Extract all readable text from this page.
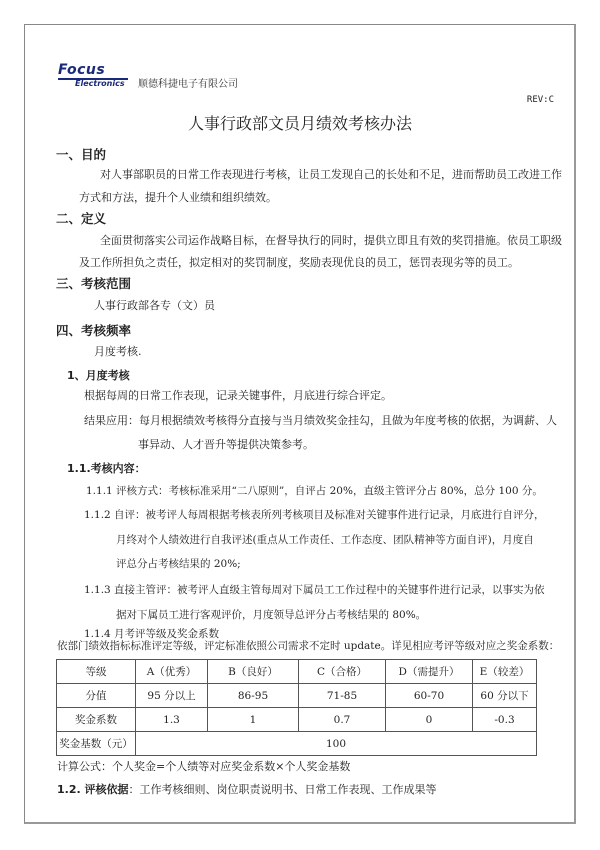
Focus
Electronics 顺德科捷电子有限公司
REV:C
人事行政部文员月绩效考核办法
一、目的
对人事部职员的日常工作表现进行考核，让员工发现自己的长处和不足，进而帮助员工改进工作
方式和方法，提升个人业绩和组织绩效。
二、定义
全面贯彻落实公司运作战略目标，在督导执行的同时，提供立即且有效的奖罚措施。依员工职级
及工作所担负之责任，拟定相对的奖罚制度，奖励表现优良的员工，惩罚表现劣等的员工。
三、考核范围
人事行政部各专（文）员
四、考核频率
月度考核.
1、月度考核
根据每周的日常工作表现，记录关键事件，月底进行综合评定。
结果应用：每月根据绩效考核得分直接与当月绩效奖金挂勾，且做为年度考核的依据，为调薪、人
事异动、人才晋升等提供决策参考。
1.1.考核内容：
1.1.1 评核方式：考核标准采用“二八原则”，自评占 20%，直级主管评分占 80%，总分 100 分。
1.1.2 自评：被考评人每周根据考核表所列考核项目及标准对关键事件进行记录，月底进行自评分，
月终对个人绩效进行自我评述(重点从工作责任、工作态度、团队精神等方面自评)，月度自
评总分占考核结果的 20%;
1.1.3 直接主管评：被考评人直级主管每周对下属员工工作过程中的关键事件进行记录，以事实为依
据对下属员工进行客观评价，月度领导总评分占考核结果的 80%。
1.1.4 月考评等级及奖金系数
依部门绩效指标标准评定等级，评定标准依照公司需求不定时 update。详见相应考评等级对应之奖金系数：
等级	A（优秀）	B（良好）	C（合格）	D（需提升）	E（较差）
分值	95 分以上	86-95	71-85	60-70	60 分以下
奖金系数	1.3	1	0.7	0	-0.3
奖金基数（元）	100				
计算公式：个人奖金=个人绩等对应奖金系数×个人奖金基数
1.2. 评核依据：工作考核细则、岗位职责说明书、日常工作表现、工作成果等
